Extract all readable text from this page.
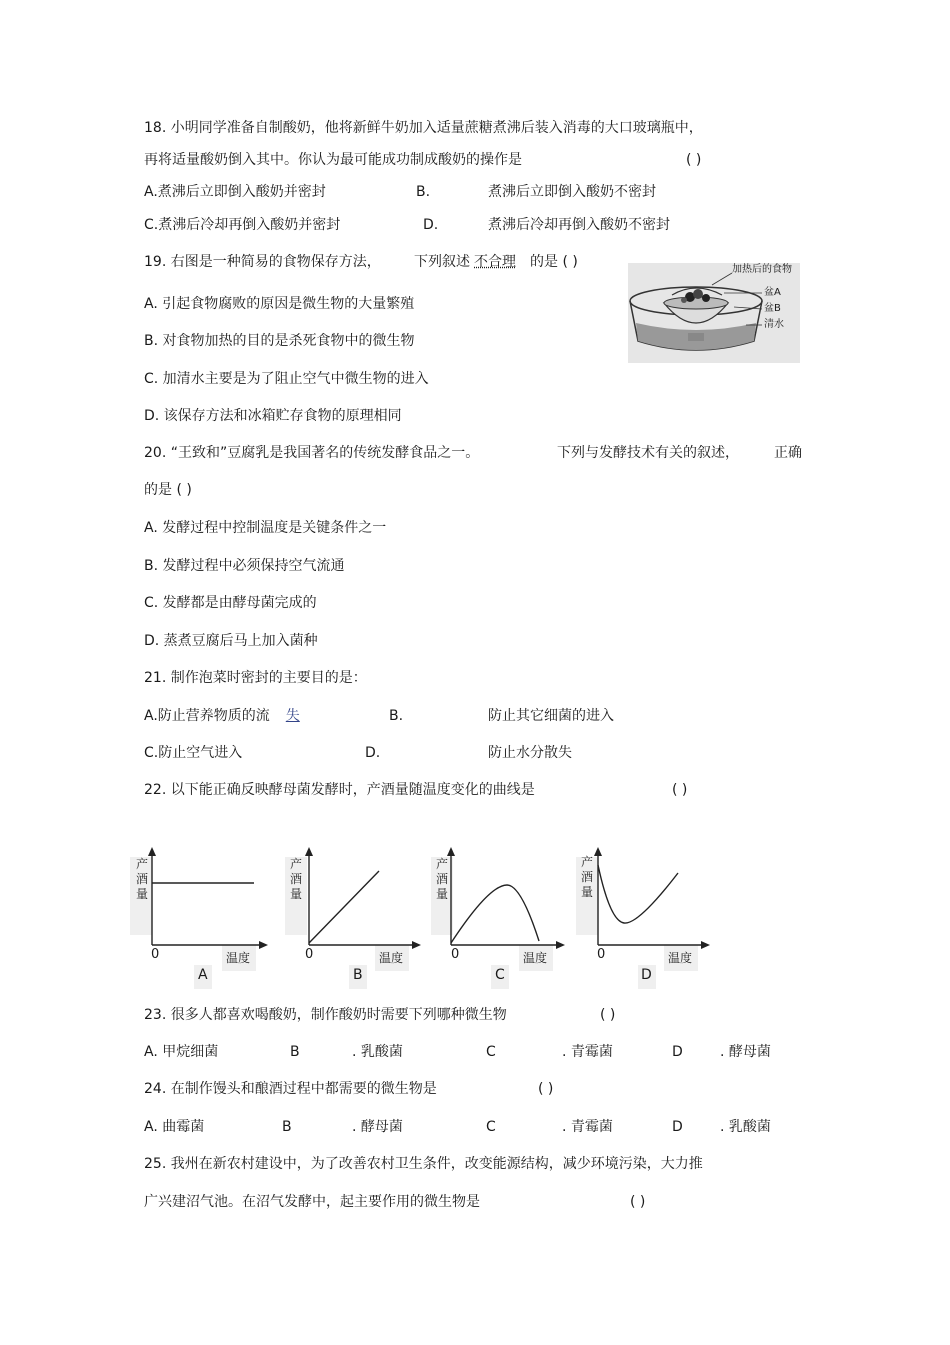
18. 小明同学准备自制酸奶，他将新鲜牛奶加入适量蔗糖煮沸后装入消毒的大口玻璃瓶中，
再将适量酸奶倒入其中。你认为最可能成功制成酸奶的操作是	( )
A.煮沸后立即倒入酸奶并密封	B.	煮沸后立即倒入酸奶不密封
C.煮沸后冷却再倒入酸奶并密封	D.	煮沸后冷却再倒入酸奶不密封
19. 右图是一种简易的食物保存方法， 下列叙述 不合理 的是 ( )
A. 引起食物腐败的原因是微生物的大量繁殖
B. 对食物加热的目的是杀死食物中的微生物
C. 加清水主要是为了阻止空气中微生物的进入
D. 该保存方法和冰箱贮存食物的原理相同
加热后的食物
盆A
盆B
清水
20. “王致和”豆腐乳是我国著名的传统发酵食品之一。	下列与发酵技术有关的叙述，	正确
的是 ( )
A. 发酵过程中控制温度是关键条件之一
B. 发酵过程中必须保持空气流通
C. 发酵都是由酵母菌完成的
D. 蒸煮豆腐后马上加入菌种
21. 制作泡菜时密封的主要目的是：
A.防止营养物质的流 失	B.	防止其它细菌的进入
C.防止空气进入	D.	防止水分散失
22. 以下能正确反映酵母菌发酵时，产酒量随温度变化的曲线是	( )
产
酒
量
0	温度
A
产
酒
量
0	温度
B
产
酒
量
0	温度
C
产
酒
量
0	温度
D
23. 很多人都喜欢喝酸奶，制作酸奶时需要下列哪种微生物	( )
A. 甲烷细菌	B	. 乳酸菌	C	. 青霉菌	D	. 酵母菌
24. 在制作馒头和酿酒过程中都需要的微生物是	( )
A. 曲霉菌	B	. 酵母菌	C	. 青霉菌	D	. 乳酸菌
25. 我州在新农村建设中，为了改善农村卫生条件，改变能源结构，减少环境污染，大力推
广兴建沼气池。在沼气发酵中，起主要作用的微生物是	( )
